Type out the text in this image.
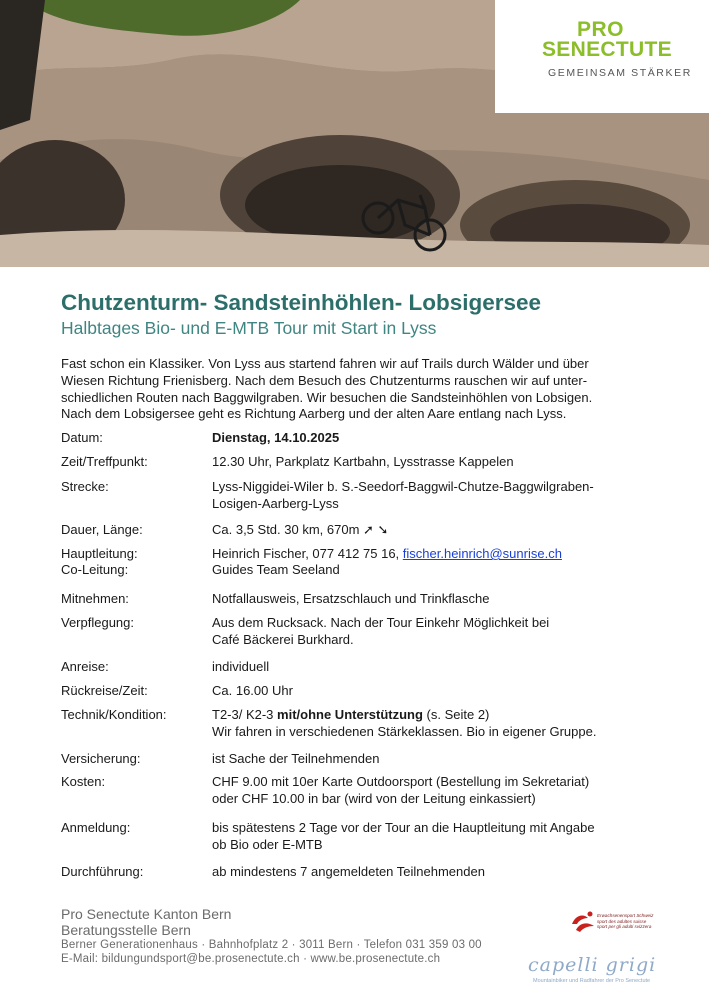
PRO
SENECTUTE
GEMEINSAM STÄRKER
Chutzenturm- Sandsteinhöhlen- Lobsigersee
Halbtages Bio- und E-MTB Tour mit Start in Lyss
Fast schon ein Klassiker. Von Lyss aus startend fahren wir auf Trails durch Wälder und über
Wiesen Richtung Frienisberg. Nach dem Besuch des Chutzenturms rauschen wir auf unter-
schiedlichen Routen nach Baggwilgraben. Wir besuchen die Sandsteinhöhlen von Lobsigen.
Nach dem Lobsigersee geht es Richtung Aarberg und der alten Aare entlang nach Lyss.
Datum:	Dienstag, 14.10.2025
Zeit/Treffpunkt:	12.30 Uhr, Parkplatz Kartbahn, Lysstrasse Kappelen
Strecke:	Lyss-Niggidei-Wiler b. S.-Seedorf-Baggwil-Chutze-Baggwilgraben-
Losigen-Aarberg-Lyss
Dauer, Länge:	Ca. 3,5 Std. 30 km, 670m ➚ ➘
Hauptleitung:	Heinrich Fischer, 077 412 75 16, fischer.heinrich@sunrise.ch
Co-Leitung:	Guides Team Seeland
Mitnehmen:	Notfallausweis, Ersatzschlauch und Trinkflasche
Verpflegung:	Aus dem Rucksack. Nach der Tour Einkehr Möglichkeit bei
Café Bäckerei Burkhard.
Anreise:	individuell
Rückreise/Zeit:	Ca. 16.00 Uhr
Technik/Kondition:	T2-3/ K2-3 mit/ohne Unterstützung (s. Seite 2)
Wir fahren in verschiedenen Stärkeklassen. Bio in eigener Gruppe.
Versicherung:	ist Sache der Teilnehmenden
Kosten:	CHF 9.00 mit 10er Karte Outdoorsport (Bestellung im Sekretariat)
oder CHF 10.00 in bar (wird von der Leitung einkassiert)
Anmeldung:	bis spätestens 2 Tage vor der Tour an die Hauptleitung mit Angabe
ob Bio oder E-MTB
Durchführung:	ab mindestens 7 angemeldeten Teilnehmenden
Pro Senectute Kanton Bern
Beratungsstelle Bern
Berner Generationenhaus · Bahnhofplatz 2 · 3011 Bern · Telefon 031 359 03 00
E-Mail: bildungundsport@be.prosenectute.ch · www.be.prosenectute.ch
Erwachsenensport Schweiz sport des adultes suisse sport per gli adulti svizzera
capelli grigi
Mountainbiker und Radfahrer der Pro Senectute
